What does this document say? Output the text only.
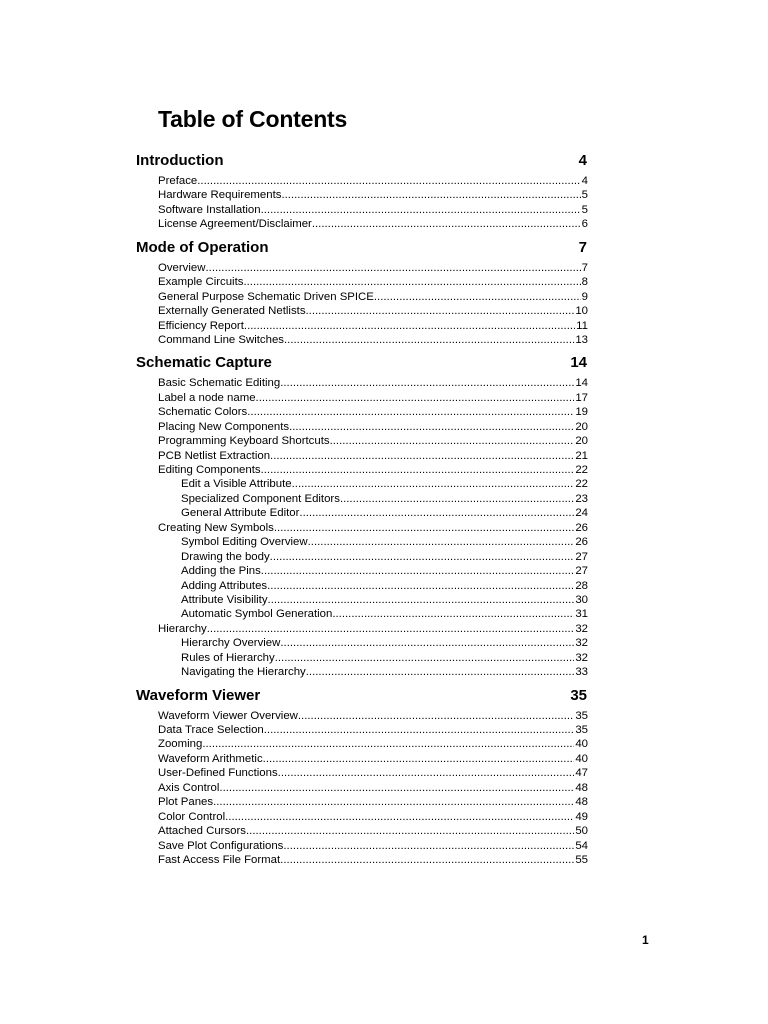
Table of Contents
Introduction	4
Preface .....	4
Hardware Requirements .....	5
Software Installation .....	5
License Agreement/Disclaimer .....	6
Mode of Operation	7
Overview .....	7
Example Circuits .....	8
General Purpose Schematic Driven SPICE .....	9
Externally Generated Netlists .....	10
Efficiency Report .....	11
Command Line Switches .....	13
Schematic Capture	14
Basic Schematic Editing .....	14
Label a node name .....	17
Schematic Colors .....	19
Placing New Components .....	20
Programming Keyboard Shortcuts .....	20
PCB Netlist Extraction .....	21
Editing Components .....	22
Edit a Visible Attribute .....	22
Specialized Component Editors .....	23
General Attribute Editor .....	24
Creating New Symbols .....	26
Symbol Editing Overview .....	26
Drawing the body .....	27
Adding the Pins .....	27
Adding Attributes .....	28
Attribute Visibility .....	30
Automatic Symbol Generation .....	31
Hierarchy .....	32
Hierarchy Overview .....	32
Rules of Hierarchy .....	32
Navigating the Hierarchy .....	33
Waveform Viewer	35
Waveform Viewer Overview .....	35
Data Trace Selection .....	35
Zooming .....	40
Waveform Arithmetic .....	40
User-Defined Functions .....	47
Axis Control .....	48
Plot Panes .....	48
Color Control .....	49
Attached Cursors .....	50
Save Plot Configurations .....	54
Fast Access File Format .....	55
1
